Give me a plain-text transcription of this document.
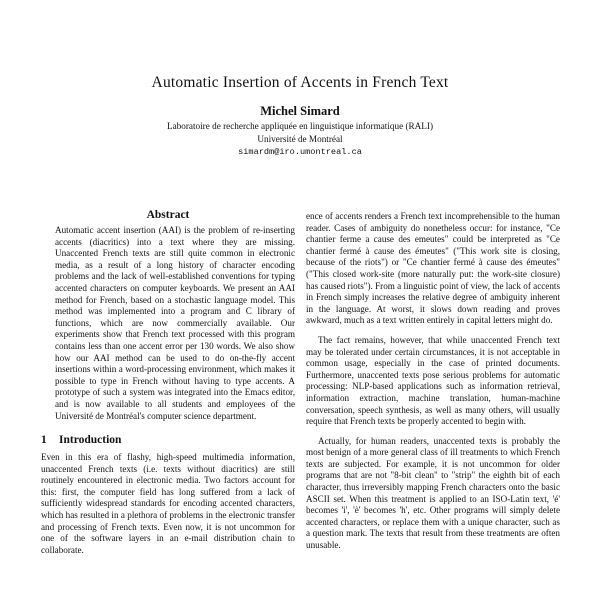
Automatic Insertion of Accents in French Text
Michel Simard
Laboratoire de recherche appliquée en linguistique informatique (RALI)
Université de Montréal
simardm@iro.umontreal.ca
Abstract

Automatic accent insertion (AAI) is the problem of re-inserting accents (diacritics) into a text where they are missing. Unaccented French texts are still quite common in electronic media, as a result of a long history of character encoding problems and the lack of well-established conventions for typing accented characters on computer keyboards. We present an AAI method for French, based on a stochastic language model. This method was implemented into a program and C library of functions, which are now commercially available. Our experiments show that French text processed with this program contains less than one accent error per 130 words. We also show how our AAI method can be used to do on-the-fly accent insertions within a word-processing environment, which makes it possible to type in French without having to type accents. A prototype of such a system was integrated into the Emacs editor, and is now available to all students and employees of the Université de Montréal's computer science department.

1 Introduction

Even in this era of flashy, high-speed multimedia information, unaccented French texts (i.e. texts without diacritics) are still routinely encountered in electronic media. Two factors account for this: first, the computer field has long suffered from a lack of sufficiently widespread standards for encoding accented characters, which has resulted in a plethora of problems in the electronic transfer and processing of French texts. Even now, it is not uncommon for one of the software layers in an e-mail distribution chain to collaborate.

ence of accents renders a French text incomprehensible to the human reader. Cases of ambiguity do nonetheless occur: for instance, "Ce chantier ferme a cause des emeutes" could be interpreted as "Ce chantier fermé à cause des émeutes" ("This work site is closing, because of the riots") or "Ce chantier fermé à cause des émeutes" ("This closed work-site (more naturally put: the work-site closure) has caused riots"). From a linguistic point of view, the lack of accents in French simply increases the relative degree of ambiguity inherent in the language. At worst, it slows down reading and proves awkward, much as a text written entirely in capital letters might do.

The fact remains, however, that while unaccented French text may be tolerated under certain circumstances, it is not acceptable in common usage, especially in the case of printed documents. Furthermore, unaccented texts pose serious problems for automatic processing: NLP-based applications such as information retrieval, information extraction, machine translation, human-machine conversation, speech synthesis, as well as many others, will usually require that French texts be properly accented to begin with.

Actually, for human readers, unaccented texts is probably the most benign of a more general class of ill treatments to which French texts are subjected. For example, it is not uncommon for older programs that are not "8-bit clean" to "strip" the eighth bit of each character, thus irreversibly mapping French characters onto the basic ASCII set. When this treatment is applied to an ISO-Latin text, 'é' becomes 'i', 'è' becomes 'h', etc. Other programs will simply delete accented characters, or replace them with a unique character, such as a question mark. The texts that result from these treatments are often unusable.
